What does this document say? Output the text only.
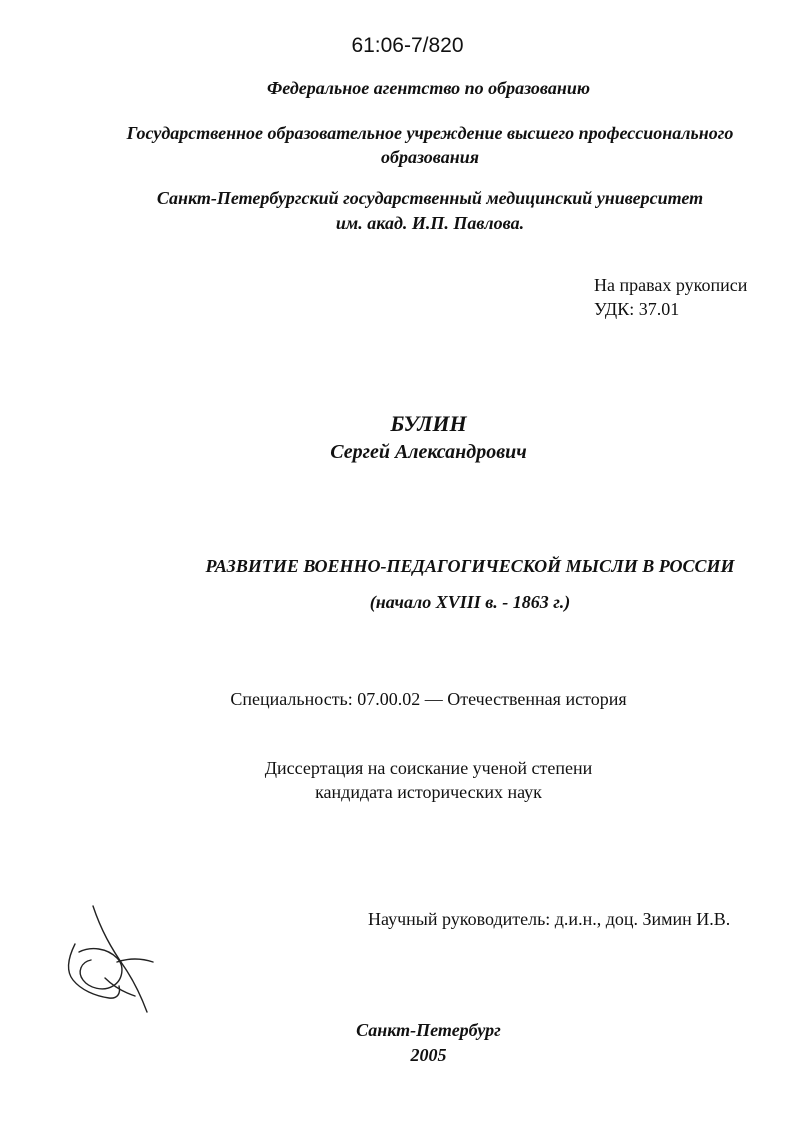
61:06-7/820
Федеральное агентство по образованию
Государственное образовательное учреждение высшего профессионального
образования
Санкт-Петербургский государственный медицинский университет
им. акад. И.П. Павлова.
На правах рукописи
УДК: 37.01
БУЛИН
Сергей Александрович
РАЗВИТИЕ ВОЕННО-ПЕДАГОГИЧЕСКОЙ МЫСЛИ В РОССИИ
(начало XVIII в. - 1863 г.)
Специальность: 07.00.02 — Отечественная история
Диссертация на соискание ученой степени
кандидата исторических наук
Научный руководитель: д.и.н., доц. Зимин И.В.
Санкт-Петербург
2005
